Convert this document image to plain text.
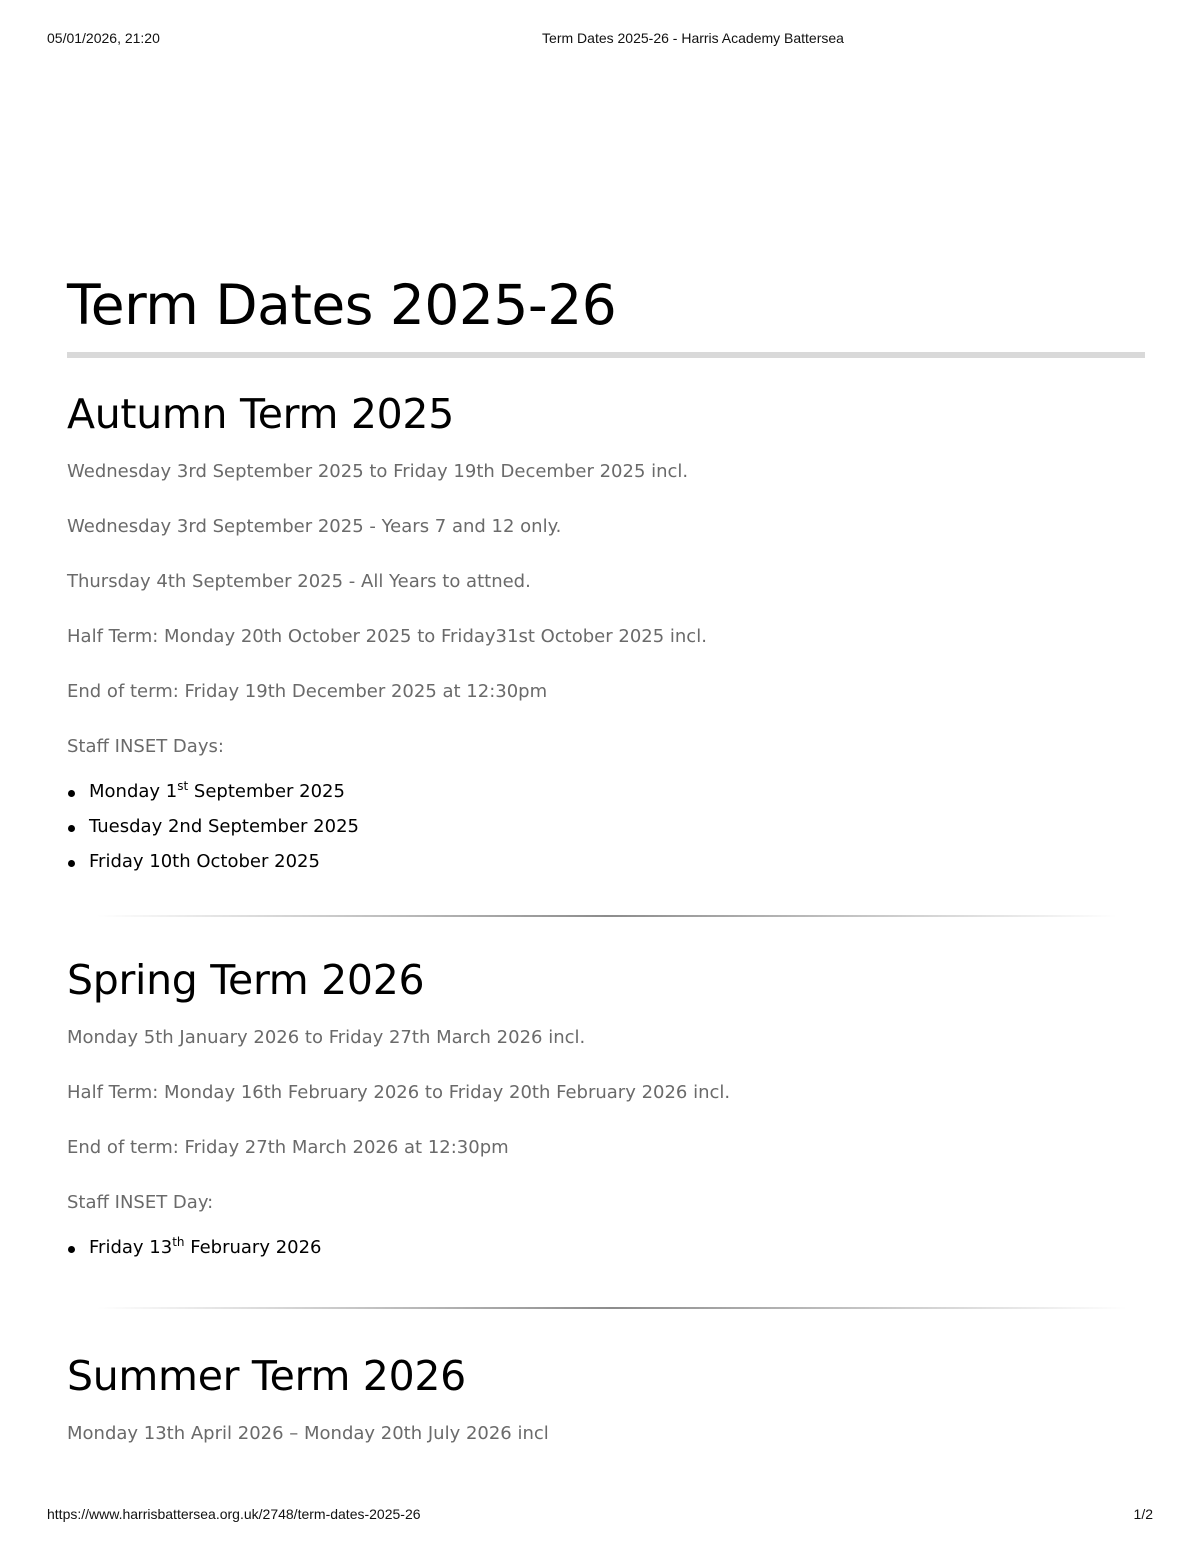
05/01/2026, 21:20	Term Dates 2025-26 - Harris Academy Battersea
Term Dates 2025-26
Autumn Term 2025

Wednesday 3rd September 2025 to Friday 19th December 2025 incl.

Wednesday 3rd September 2025 - Years 7 and 12 only.

Thursday 4th September 2025 - All Years to attned.

Half Term: Monday 20th October 2025 to Friday31st October 2025 incl.

End of term: Friday 19th December 2025 at 12:30pm

Staff INSET Days:

Monday 1st September 2025
Tuesday 2nd September 2025
Friday 10th October 2025
Spring Term 2026

Monday 5th January 2026 to Friday 27th March 2026 incl.

Half Term: Monday 16th February 2026 to Friday 20th February 2026 incl.

End of term: Friday 27th March 2026 at 12:30pm

Staff INSET Day:

Friday 13th February 2026
Summer Term 2026

Monday 13th April 2026 – Monday 20th July 2026 incl

https://www.harrisbattersea.org.uk/2748/term-dates-2025-26	1/2
